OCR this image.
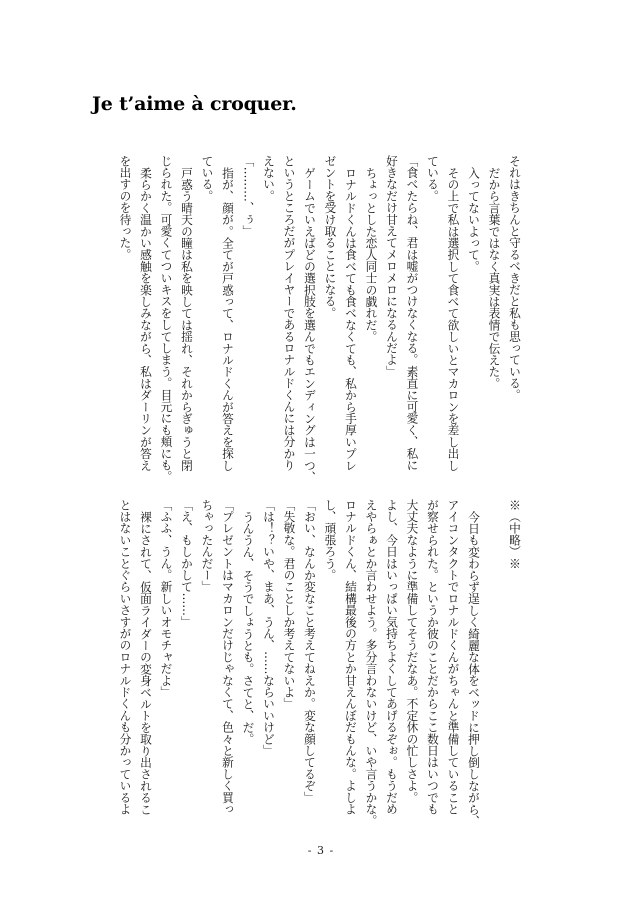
Je t’aime à croquer.

それはきちんと守るべきだと私も思っている。

だから言葉ではなく真実は表情で伝えた。

入ってないよって。

その上で私は選択して食べて欲しいとマカロンを差し出し

ている。

「食べたらね、君は嘘がつけなくなる。素直に可愛く、私に

好きなだけ甘えてメロメロになるんだよ」

ちょっとした恋人同士の戯れだ。

ロナルドくんは食べても食べなくても、私から手厚いプレ

ゼントを受け取ることになる。

ゲームでいえばどの選択肢を選んでもエンディングは一つ、

というところだがプレイヤーであるロナルドくんには分かり

えない。

「………、ぅ」

指が、顔が。全てが戸惑って、ロナルドくんが答えを探し

ている。

戸惑う晴天の瞳は私を映しては揺れ、それからぎゅうと閉

じられた。可愛くてついキスをしてしまう。目元にも頬にも。

柔らかく温かい感触を楽しみながら、私はダーリンが答え

を出すのを待った。

※（中略）※

今日も変わらず逞しく綺麗な体をベッドに押し倒しながら、

アイコンタクトでロナルドくんがちゃんと準備していること

が察せられた。というか彼のことだからここ数日はいつでも

大丈夫なように準備してそうだなあ。不定休の忙しさよ。

よし、今日はいっぱい気持ちよくしてあげるぞぉ。もうだめ

えやらぁとか言わせよう。多分言わないけど、いや言うかな。

ロナルドくん、結構最後の方とか甘えんぼだもんな。よしよ

し、頑張ろう。

「おい、なんか変なこと考えてねえか。変な顔してるぞ」

「失敬な。君のことしか考えてないよ」

「は！？いや、まあ、うん、……ならいいけど」

うんうん、そうでしょうとも。さてと、だ。

「プレゼントはマカロンだけじゃなくて、色々と新しく買っ

ちゃったんだー」

「え、もしかして……」

「ふふ、うん。新しいオモチャだよ」

裸にされて、仮面ライダーの変身ベルトを取り出されるこ

とはないことぐらいさすがのロナルドくんも分かっているよ

- 3 -
